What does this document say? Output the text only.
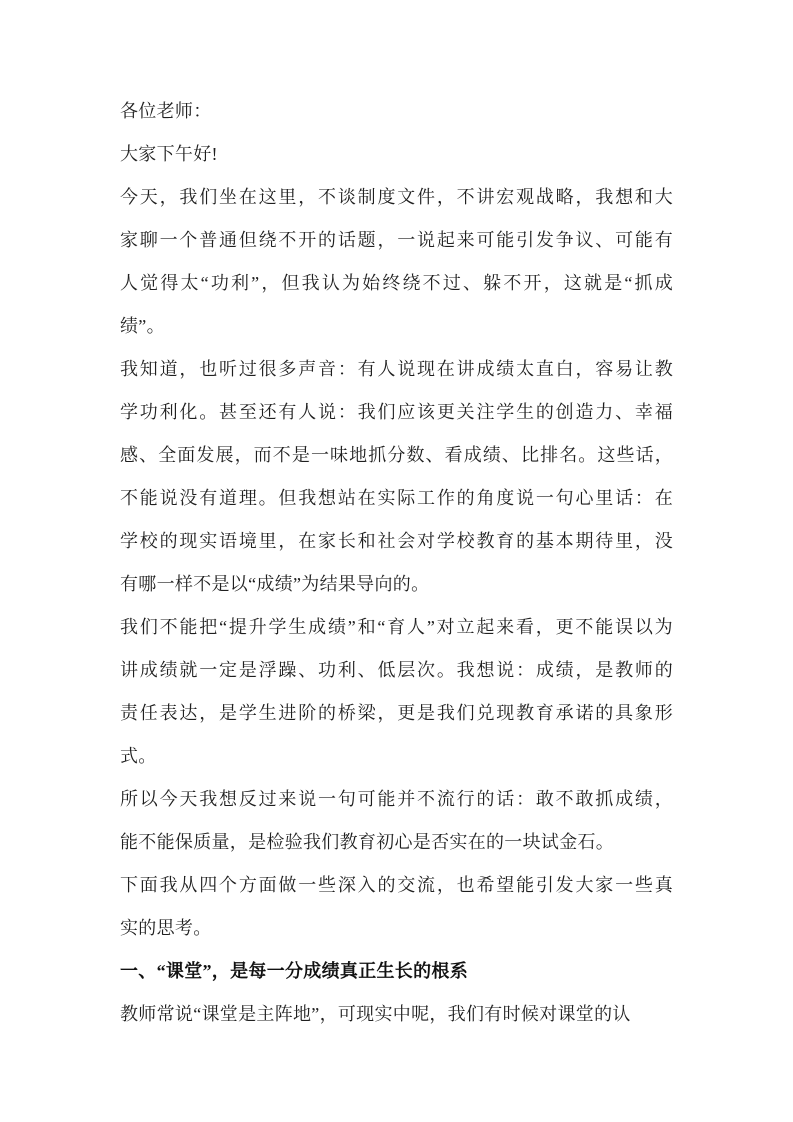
各位老师：
大家下午好!
今天，我们坐在这里，不谈制度文件，不讲宏观战略，我想和大
家聊一个普通但绕不开的话题，一说起来可能引发争议、可能有
人觉得太“功利”，但我认为始终绕不过、躲不开，这就是“抓成
绩”。
我知道，也听过很多声音：有人说现在讲成绩太直白，容易让教
学功利化。甚至还有人说：我们应该更关注学生的创造力、幸福
感、全面发展，而不是一味地抓分数、看成绩、比排名。这些话，
不能说没有道理。但我想站在实际工作的角度说一句心里话：在
学校的现实语境里，在家长和社会对学校教育的基本期待里，没
有哪一样不是以“成绩”为结果导向的。
我们不能把“提升学生成绩”和“育人”对立起来看，更不能误以为
讲成绩就一定是浮躁、功利、低层次。我想说：成绩，是教师的
责任表达，是学生进阶的桥梁，更是我们兑现教育承诺的具象形
式。
所以今天我想反过来说一句可能并不流行的话：敢不敢抓成绩，
能不能保质量，是检验我们教育初心是否实在的一块试金石。
下面我从四个方面做一些深入的交流，也希望能引发大家一些真
实的思考。
一、“课堂”，是每一分成绩真正生长的根系
教师常说“课堂是主阵地”，可现实中呢，我们有时候对课堂的认
